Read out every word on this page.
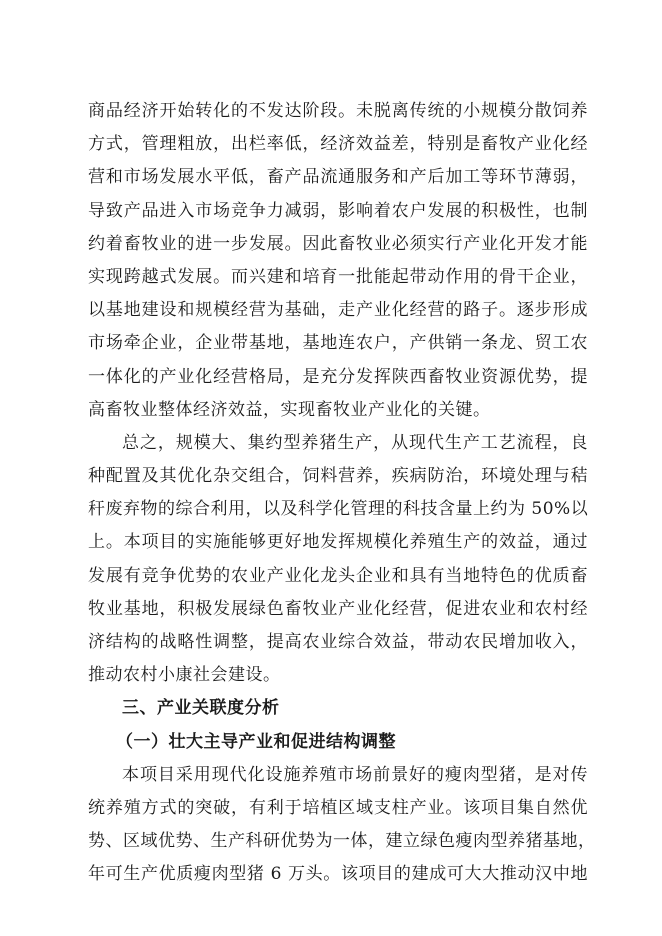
商品经济开始转化的不发达阶段。未脱离传统的小规模分散饲养
方式，管理粗放，出栏率低，经济效益差，特别是畜牧产业化经
营和市场发展水平低，畜产品流通服务和产后加工等环节薄弱，
导致产品进入市场竞争力减弱，影响着农户发展的积极性，也制
约着畜牧业的进一步发展。因此畜牧业必须实行产业化开发才能
实现跨越式发展。而兴建和培育一批能起带动作用的骨干企业，
以基地建设和规模经营为基础，走产业化经营的路子。逐步形成
市场牵企业，企业带基地，基地连农户，产供销一条龙、贸工农
一体化的产业化经营格局，是充分发挥陕西畜牧业资源优势，提
高畜牧业整体经济效益，实现畜牧业产业化的关键。
总之，规模大、集约型养猪生产，从现代生产工艺流程，良
种配置及其优化杂交组合，饲料营养，疾病防治，环境处理与秸
秆废弃物的综合利用，以及科学化管理的科技含量上约为 50%以
上。本项目的实施能够更好地发挥规模化养殖生产的效益，通过
发展有竞争优势的农业产业化龙头企业和具有当地特色的优质畜
牧业基地，积极发展绿色畜牧业产业化经营，促进农业和农村经
济结构的战略性调整，提高农业综合效益，带动农民增加收入，
推动农村小康社会建设。
三、产业关联度分析
（一）壮大主导产业和促进结构调整
本项目采用现代化设施养殖市场前景好的瘦肉型猪，是对传
统养殖方式的突破，有利于培植区域支柱产业。该项目集自然优
势、区域优势、生产科研优势为一体，建立绿色瘦肉型养猪基地，
年可生产优质瘦肉型猪 6 万头。该项目的建成可大大推动汉中地
